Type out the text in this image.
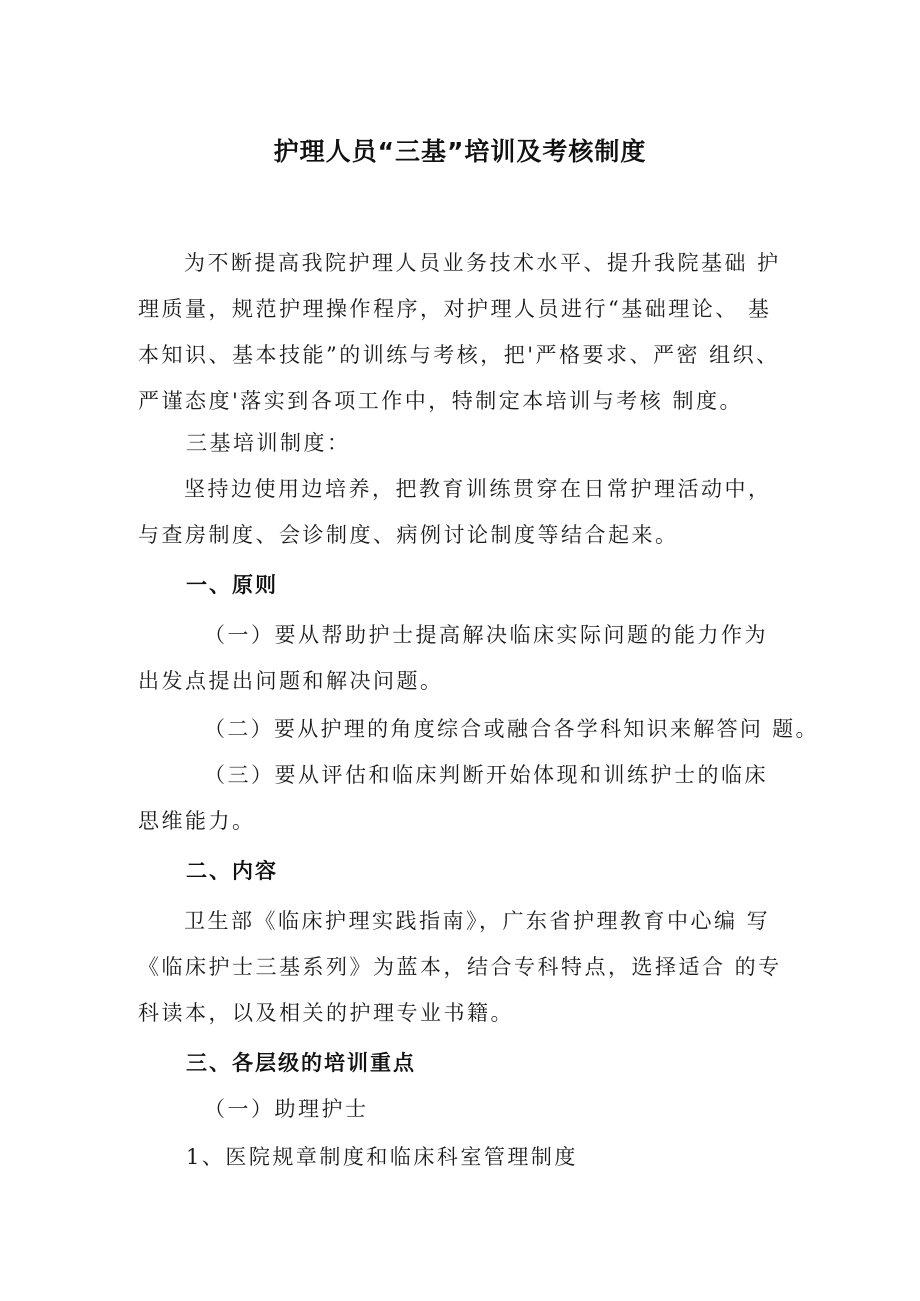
护理人员“三基”培训及考核制度

为不断提高我院护理人员业务技术水平、提升我院基础 护理质量，规范护理操作程序，对护理人员进行“基础理论、 基本知识、基本技能”的训练与考核，把'严格要求、严密 组织、严谨态度'落实到各项工作中，特制定本培训与考核 制度。

三基培训制度：

坚持边使用边培养，把教育训练贯穿在日常护理活动中，与查房制度、会诊制度、病例讨论制度等结合起来。

一、原则

（一）要从帮助护士提高解决临床实际问题的能力作为 出发点提出问题和解决问题。

（二）要从护理的角度综合或融合各学科知识来解答问 题。

（三）要从评估和临床判断开始体现和训练护士的临床 思维能力。

二、内容

卫生部《临床护理实践指南》，广东省护理教育中心编 写《临床护士三基系列》为蓝本，结合专科特点，选择适合 的专科读本，以及相关的护理专业书籍。

三、各层级的培训重点

（一）助理护士

1、医院规章制度和临床科室管理制度
